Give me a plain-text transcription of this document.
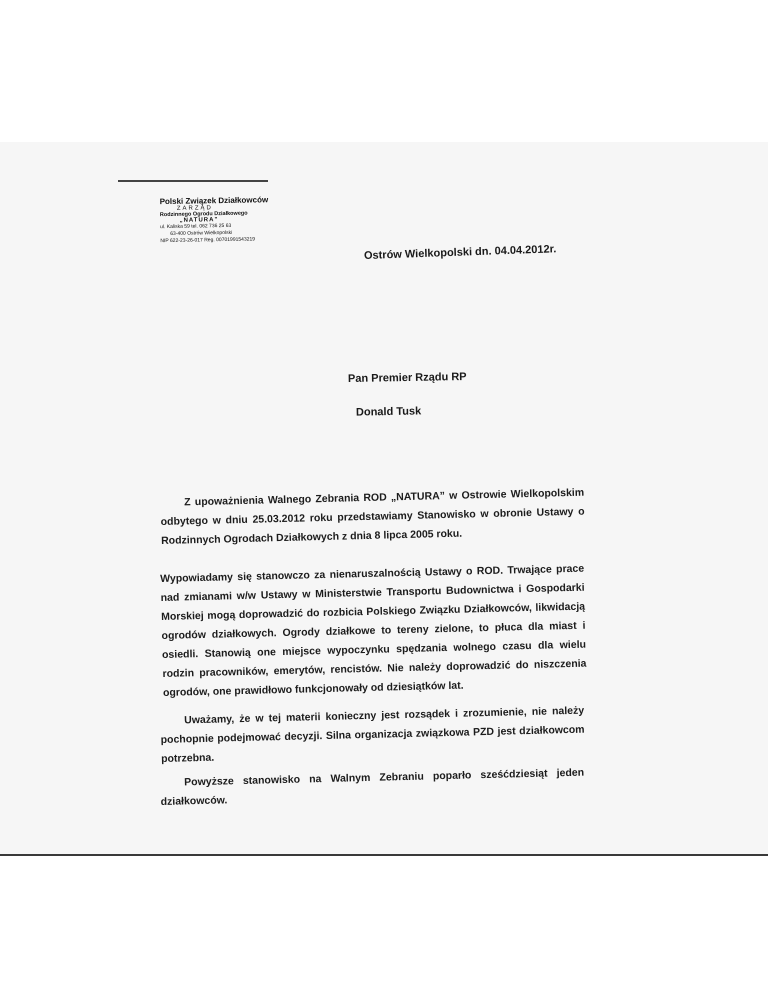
Polski Związek Działkowców
ZARZĄD
Rodzinnego Ogrodu Działkowego
„NATURA”
ul. Kaliska 59 tel. 062 736 25 63
63-400 Ostrów Wielkopolski
NIP 622-23-26-017 Reg. 00701991543219
Ostrów Wielkopolski dn. 04.04.2012r.
Pan Premier Rządu RP
Donald Tusk

Z upoważnienia Walnego Zebrania ROD „NATURA” w Ostrowie Wielkopolskim odbytego w dniu 25.03.2012 roku przedstawiamy Stanowisko w obronie Ustawy o Rodzinnych Ogrodach Działkowych z dnia 8 lipca 2005 roku.

Wypowiadamy się stanowczo za nienaruszalnością Ustawy o ROD. Trwające prace nad zmianami w/w Ustawy w Ministerstwie Transportu Budownictwa i Gospodarki Morskiej mogą doprowadzić do rozbicia Polskiego Związku Działkowców, likwidacją ogrodów działkowych. Ogrody działkowe to tereny zielone, to płuca dla miast i osiedli. Stanowią one miejsce wypoczynku spędzania wolnego czasu dla wielu rodzin pracowników, emerytów, rencistów. Nie należy doprowadzić do niszczenia ogrodów, one prawidłowo funkcjonowały od dziesiątków lat.

Uważamy, że w tej materii konieczny jest rozsądek i zrozumienie, nie należy pochopnie podejmować decyzji. Silna organizacja związkowa PZD jest działkowcom potrzebna.

Powyższe stanowisko na Walnym Zebraniu poparło sześćdziesiąt jeden działkowców.
